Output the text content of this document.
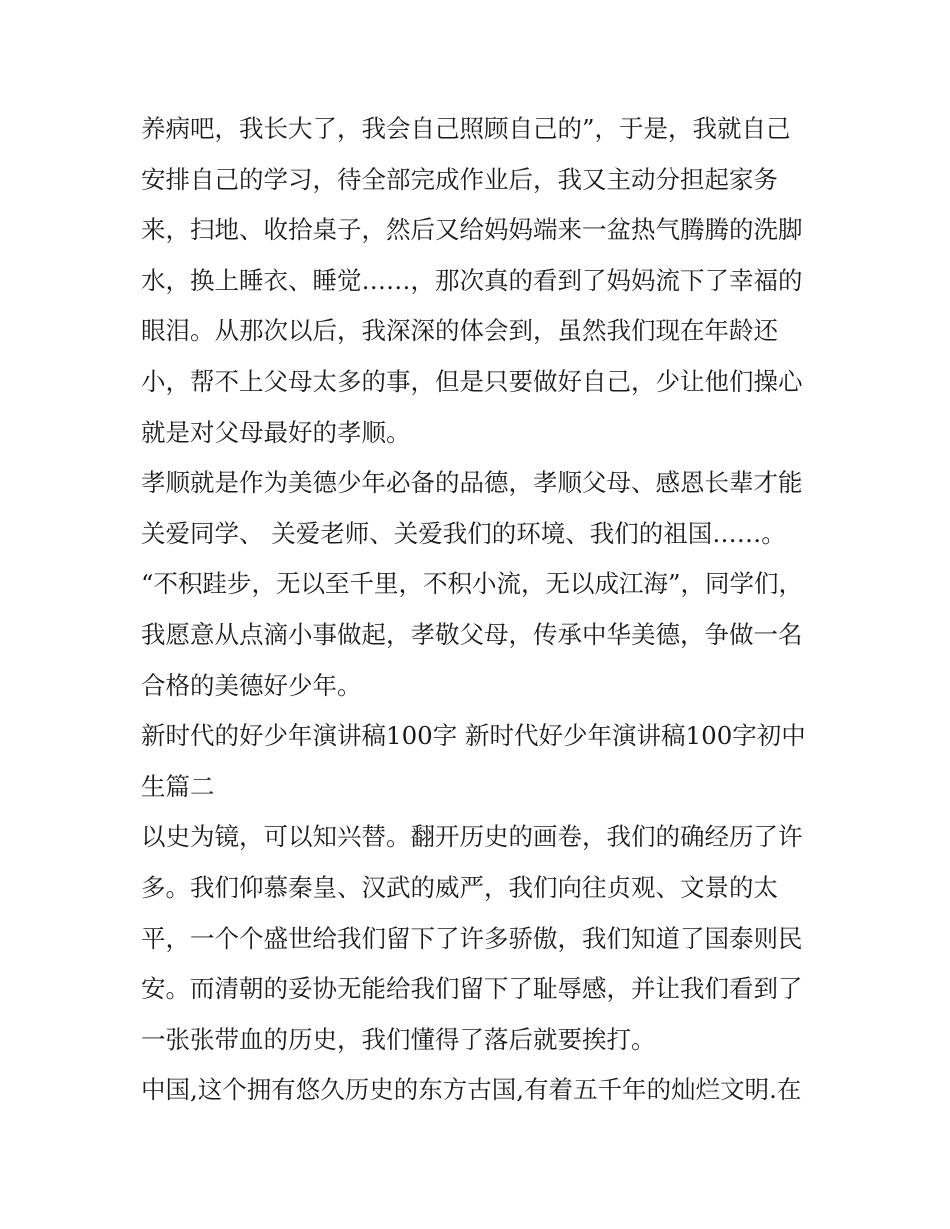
养病吧，我长大了，我会自己照顾自己的”，于是，我就自己
安排自己的学习，待全部完成作业后，我又主动分担起家务
来，扫地、收拾桌子，然后又给妈妈端来一盆热气腾腾的洗脚
水，换上睡衣、睡觉……，那次真的看到了妈妈流下了幸福的
眼泪。从那次以后，我深深的体会到，虽然我们现在年龄还
小，帮不上父母太多的事，但是只要做好自己，少让他们操心
就是对父母最好的孝顺。
孝顺就是作为美德少年必备的品德，孝顺父母、感恩长辈才能
关爱同学、 关爱老师、关爱我们的环境、我们的祖国……。
“不积跬步，无以至千里，不积小流，无以成江海”，同学们，
我愿意从点滴小事做起，孝敬父母，传承中华美德，争做一名
合格的美德好少年。
新时代的好少年演讲稿100字 新时代好少年演讲稿100字初中
生篇二
以史为镜，可以知兴替。翻开历史的画卷，我们的确经历了许
多。我们仰慕秦皇、汉武的威严，我们向往贞观、文景的太
平，一个个盛世给我们留下了许多骄傲，我们知道了国泰则民
安。而清朝的妥协无能给我们留下了耻辱感，并让我们看到了
一张张带血的历史，我们懂得了落后就要挨打。
中国,这个拥有悠久历史的东方古国,有着五千年的灿烂文明.在
